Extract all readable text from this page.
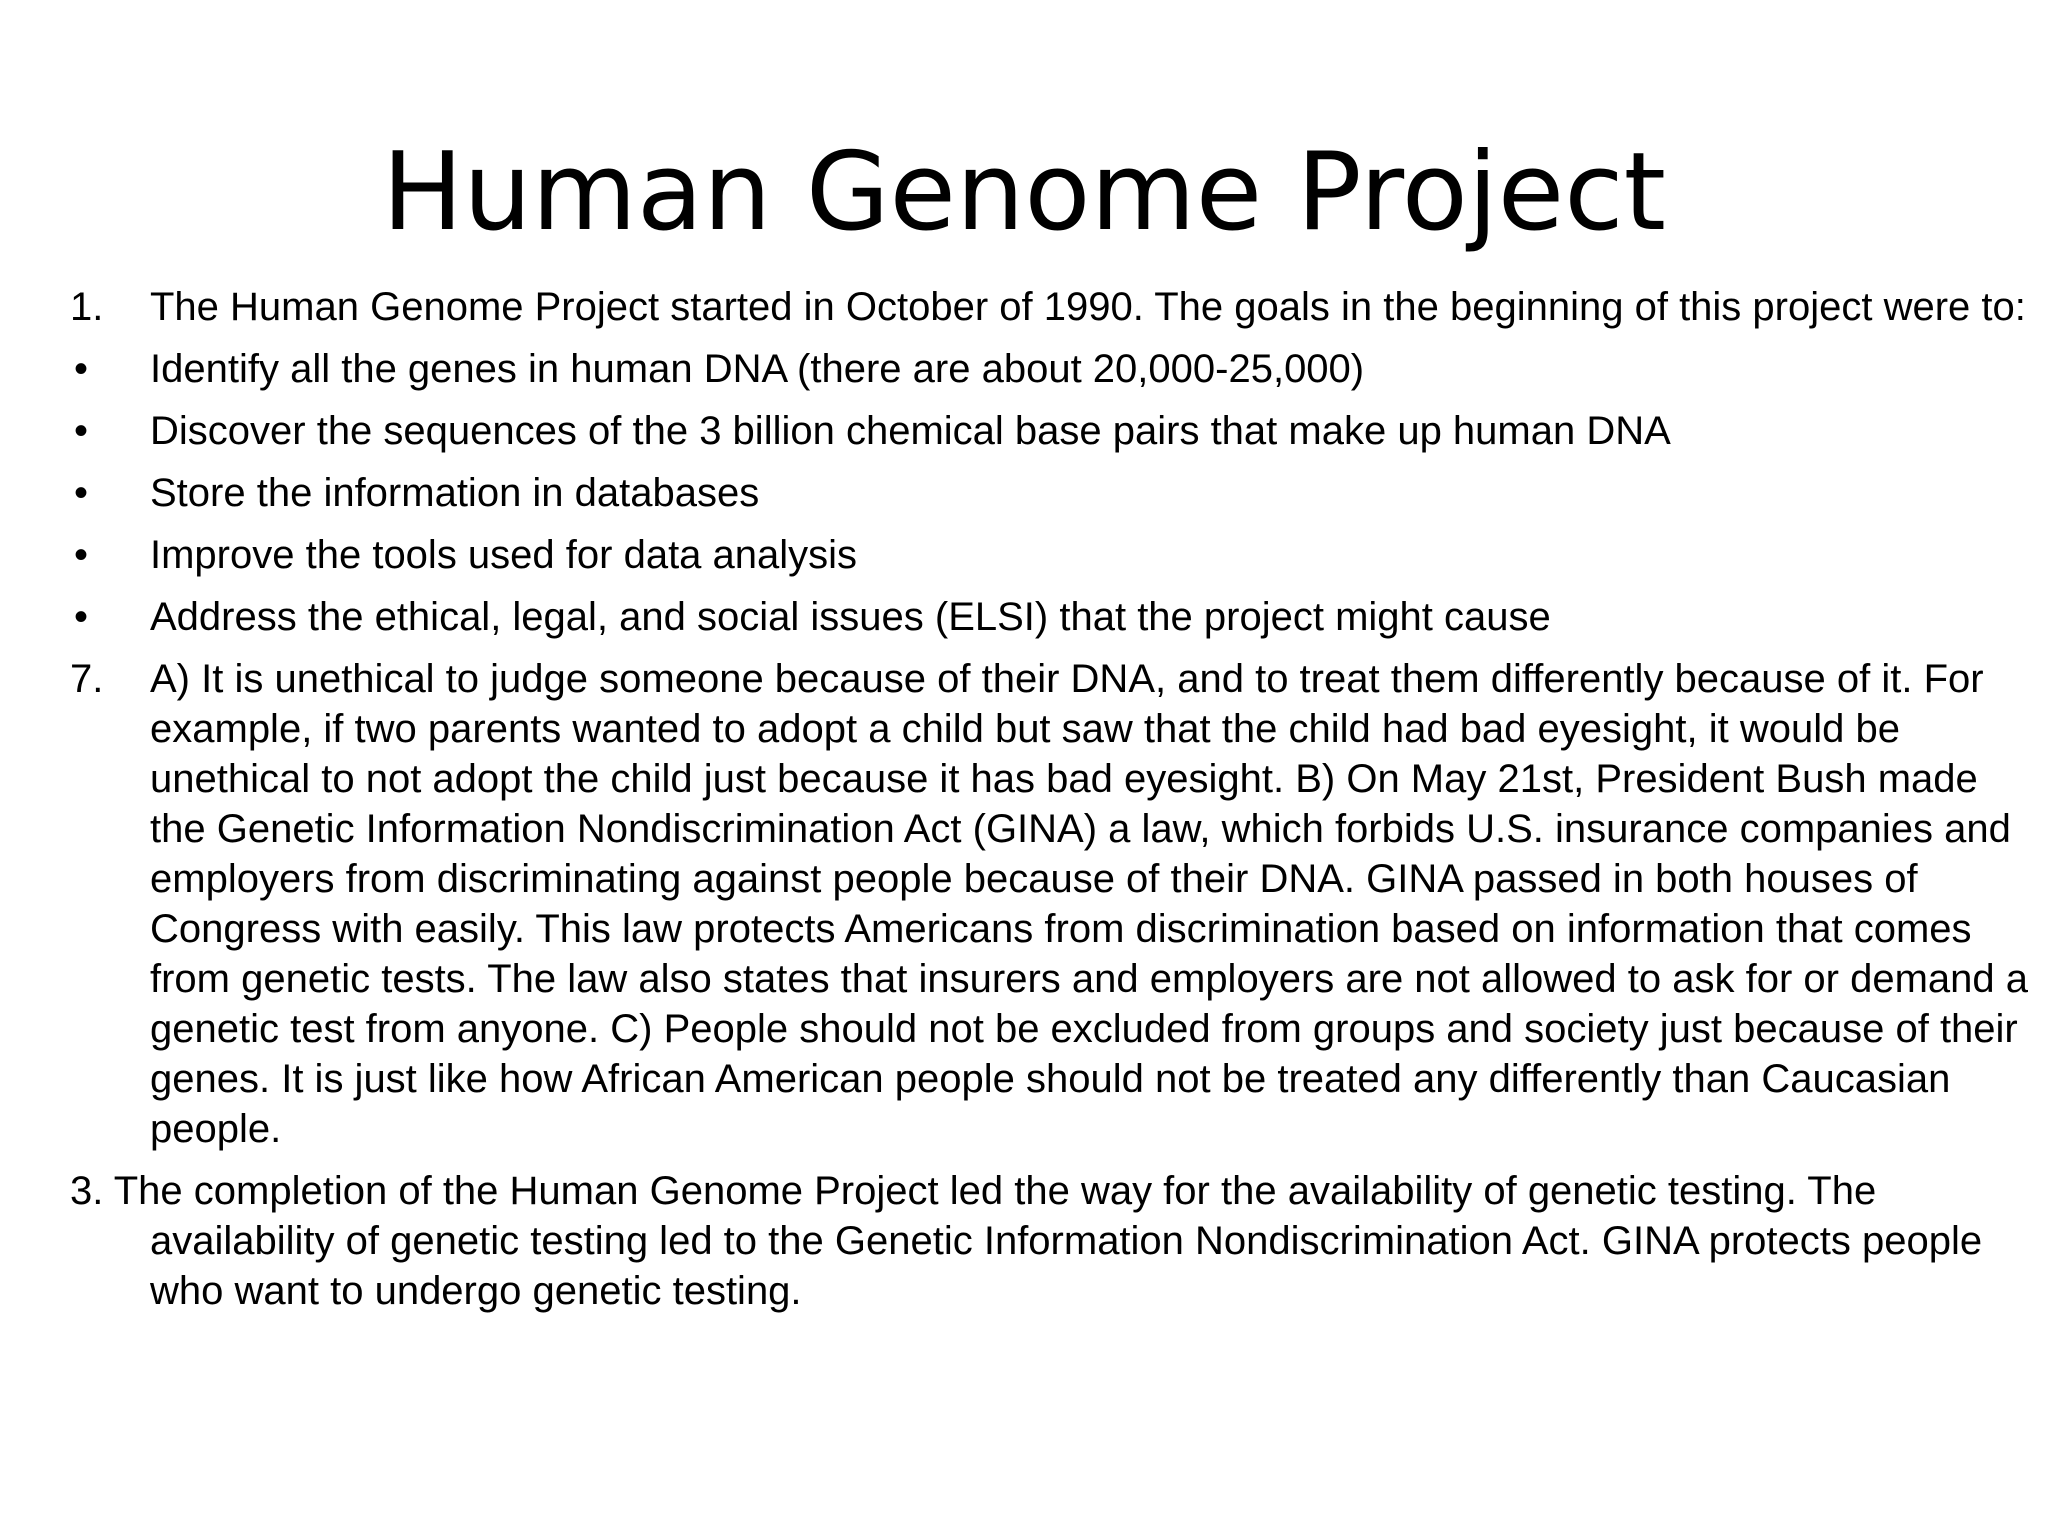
Human Genome Project
1.	The Human Genome Project started in October of 1990. The goals in the beginning of this project were to:
•	Identify all the genes in human DNA (there are about 20,000-25,000)
•	Discover the sequences of the 3 billion chemical base pairs that make up human DNA
•	Store the information in databases
•	Improve the tools used for data analysis
•	Address the ethical, legal, and social issues (ELSI) that the project might cause
7.	A) It is unethical to judge someone because of their DNA, and to treat them differently because of it. For example, if two parents wanted to adopt a child but saw that the child had bad eyesight, it would be unethical to not adopt the child just because it has bad eyesight. B) On May 21st, President Bush made the Genetic Information Nondiscrimination Act (GINA) a law, which forbids U.S. insurance companies and employers from discriminating against people because of their DNA. GINA passed in both houses of Congress with easily. This law protects Americans from discrimination based on information that comes from genetic tests. The law also states that insurers and employers are not allowed to ask for or demand a genetic test from anyone. C) People should not be excluded from groups and society just because of their genes. It is just like how African American people should not be treated any differently than Caucasian people.
3. The completion of the Human Genome Project led the way for the availability of genetic testing. The availability of genetic testing led to the Genetic Information Nondiscrimination Act. GINA protects people who want to undergo genetic testing.
